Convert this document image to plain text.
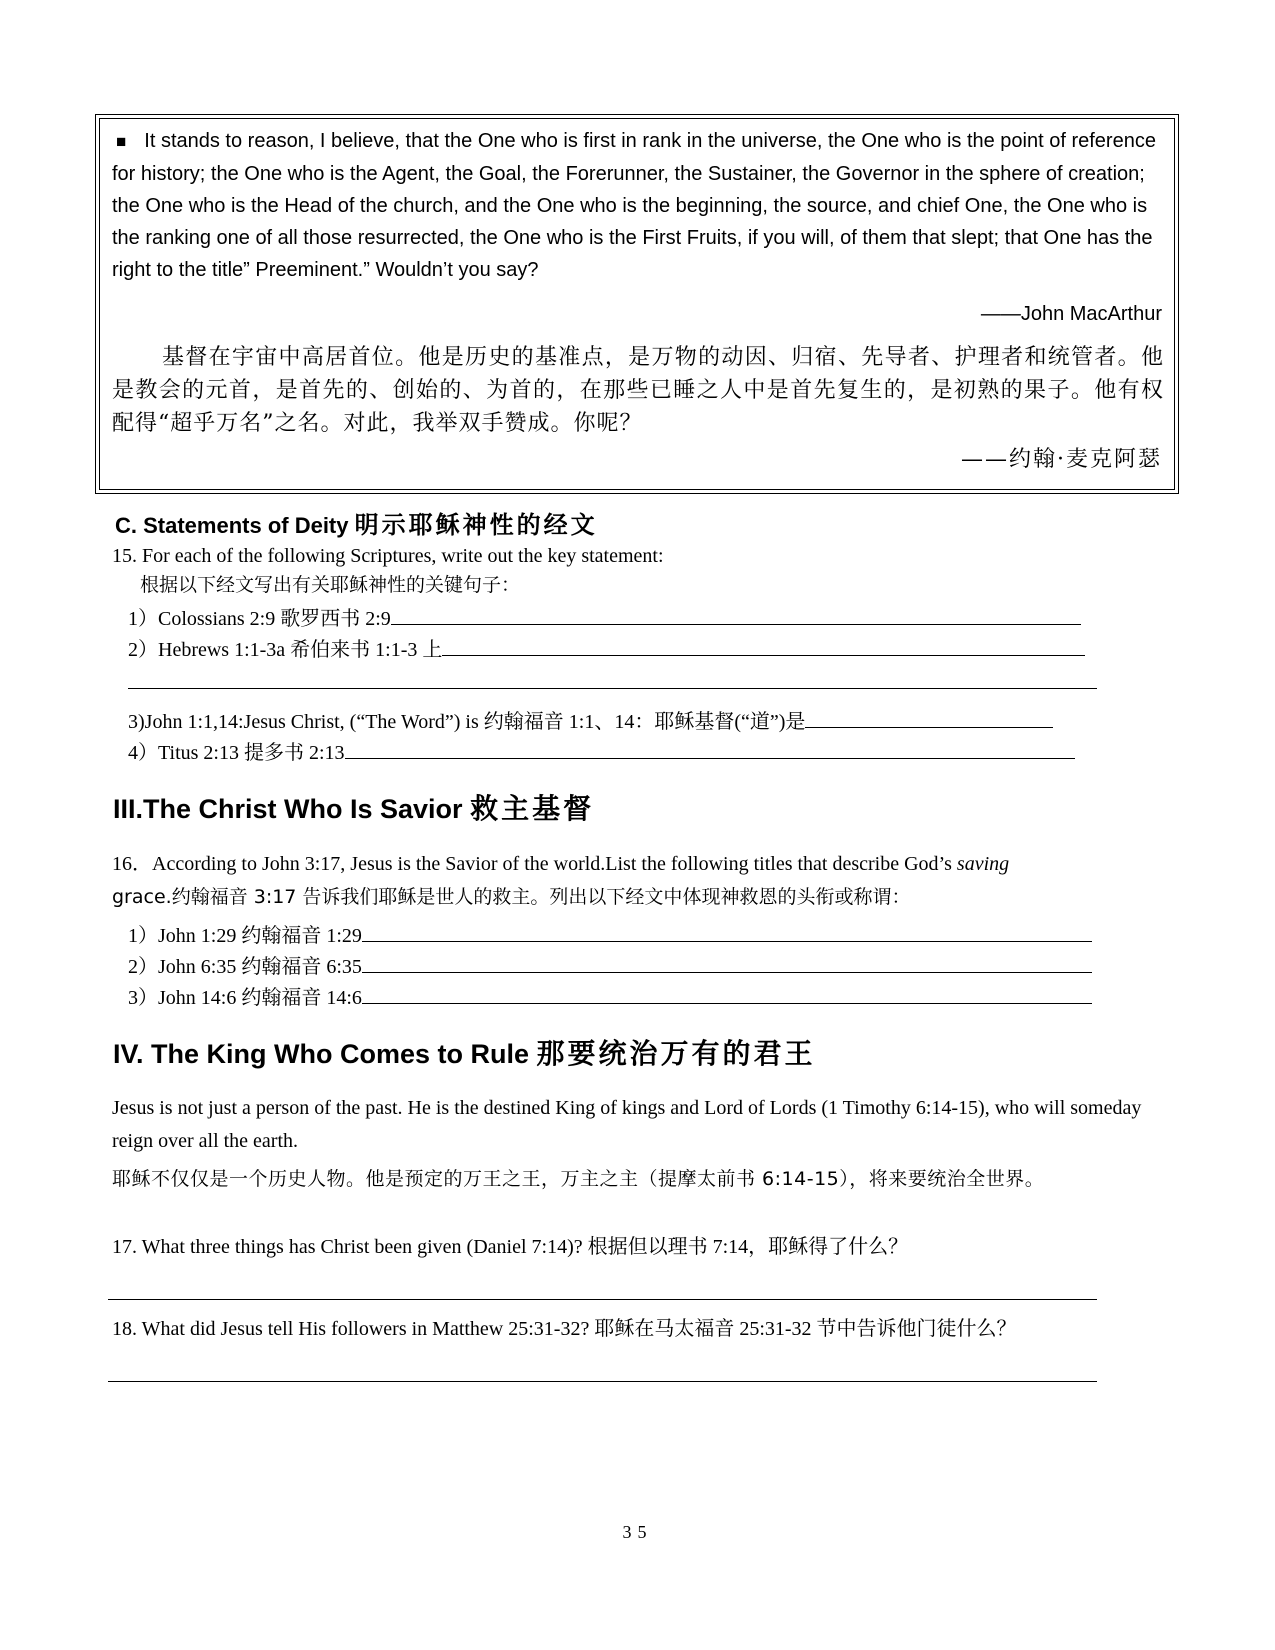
■ It stands to reason, I believe, that the One who is first in rank in the universe, the One who is the point of reference for history; the One who is the Agent, the Goal, the Forerunner, the Sustainer, the Governor in the sphere of creation; the One who is the Head of the church, and the One who is the beginning, the source, and chief One, the One who is the ranking one of all those resurrected, the One who is the First Fruits, if you will, of them that slept; that One has the right to the title” Preeminent.” Wouldn’t you say?
——John MacArthur
基督在宇宙中高居首位。他是历史的基准点，是万物的动因、归宿、先导者、护理者和统管者。他是教会的元首，是首先的、创始的、为首的，在那些已睡之人中是首先复生的，是初熟的果子。他有权配得“超乎万名”之名。对此，我举双手赞成。你呢？
——约翰·麦克阿瑟
C. Statements of Deity 明示耶稣神性的经文
15. For each of the following Scriptures, write out the key statement:
根据以下经文写出有关耶稣神性的关键句子：
1）Colossians 2:9 歌罗西书 2:9
2）Hebrews 1:1-3a 希伯来书 1:1-3 上
3)John 1:1,14:Jesus Christ, (“The Word”) is 约翰福音 1:1、14：耶稣基督(“道”)是
4）Titus 2:13 提多书 2:13
III.The Christ Who Is Savior 救主基督
16．According to John 3:17, Jesus is the Savior of the world.List the following titles that describe God’s saving
grace.约翰福音 3:17 告诉我们耶稣是世人的救主。列出以下经文中体现神救恩的头衔或称谓：
1）John 1:29 约翰福音 1:29
2）John 6:35 约翰福音 6:35
3）John 14:6 约翰福音 14:6
IV. The King Who Comes to Rule 那要统治万有的君王
Jesus is not just a person of the past. He is the destined King of kings and Lord of Lords (1 Timothy 6:14-15), who will someday reign over all the earth.
耶稣不仅仅是一个历史人物。他是预定的万王之王，万主之主（提摩太前书 6:14-15），将来要统治全世界。
17. What three things has Christ been given (Daniel 7:14)? 根据但以理书 7:14，耶稣得了什么？
18. What did Jesus tell His followers in Matthew 25:31-32? 耶稣在马太福音 25:31-32 节中告诉他门徒什么？
35
